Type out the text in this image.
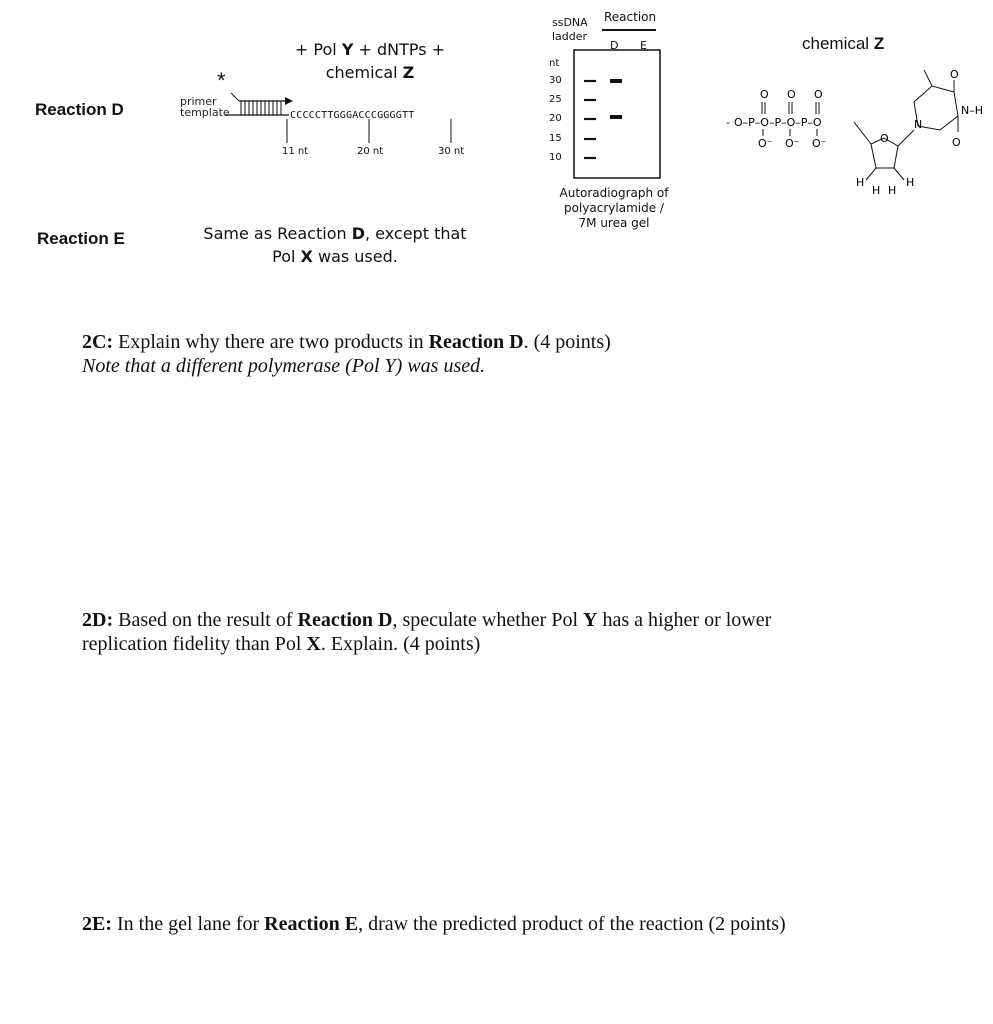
Reaction D
+ Pol Y + dNTPs +
chemical Z
*
primer
template	CCCCCTTGGGACCCGGGGTT
11 nt	20 nt	30 nt
Reaction E	Same as Reaction D, except that
Pol X was used.
ssDNA
ladder
Reaction
D E
nt
30
25
20
15
10
Autoradiograph of
polyacrylamide /
7M urea gel
chemical Z
- O–P–O–P–O–P–O
O O O
O⁻ O⁻ O⁻	O
H
H H
H
O
N–H
O
N
2C: Explain why there are two products in Reaction D. (4 points)
Note that a different polymerase (Pol Y) was used.
2D: Based on the result of Reaction D, speculate whether Pol Y has a higher or lower
replication fidelity than Pol X. Explain. (4 points)
2E: In the gel lane for Reaction E, draw the predicted product of the reaction (2 points)
